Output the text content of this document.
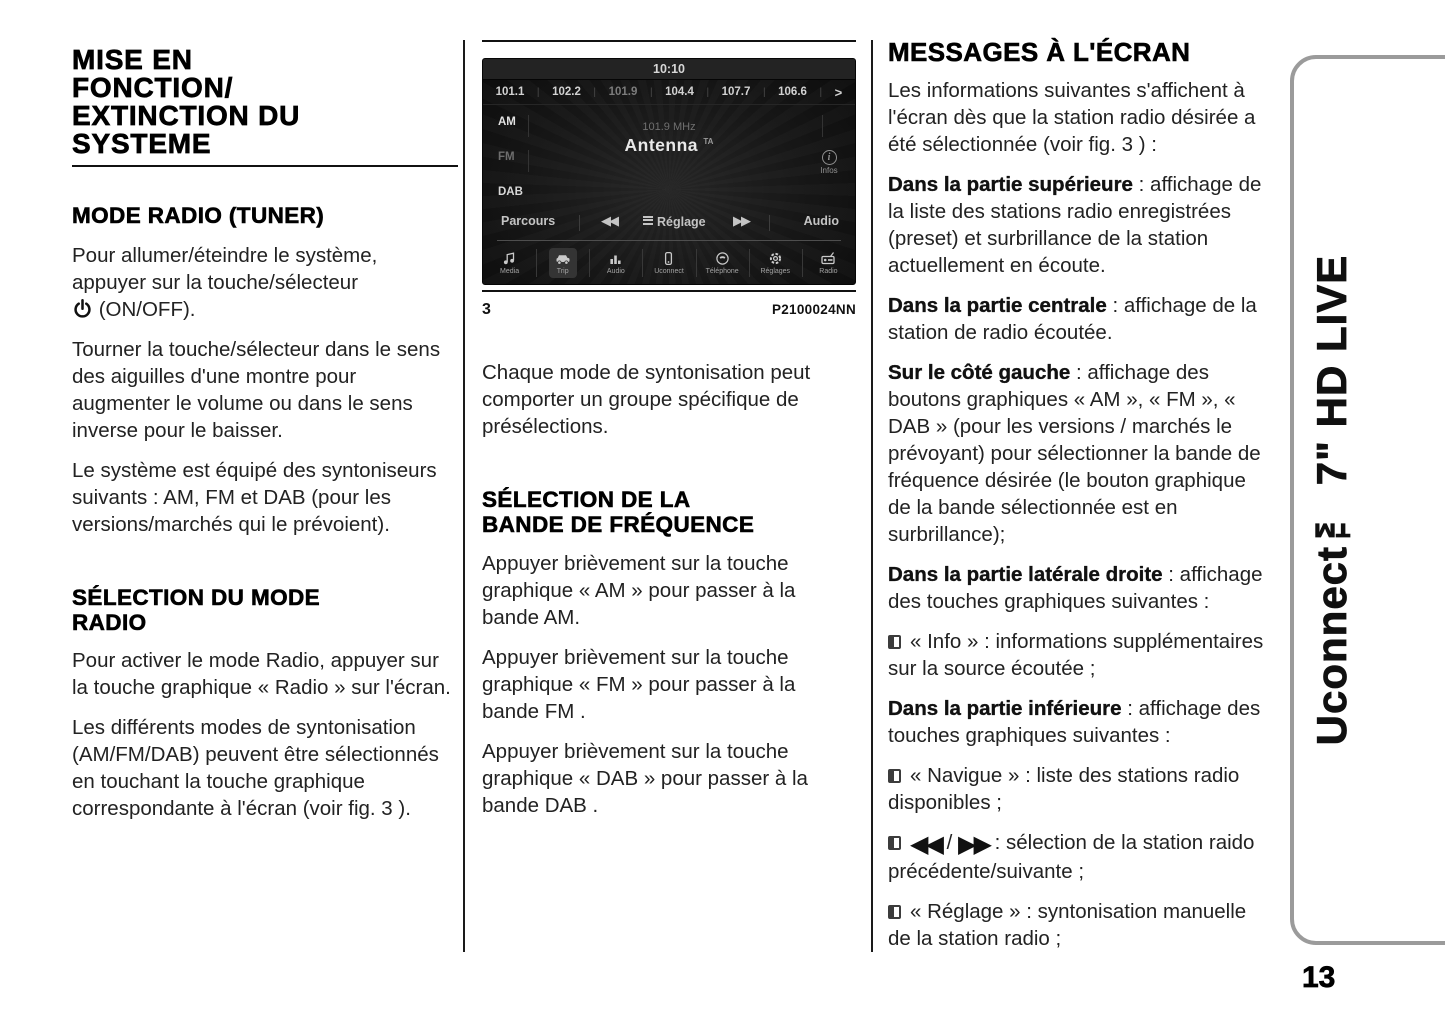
MISE EN
FONCTION/
EXTINCTION DU
SYSTEME
MODE RADIO (TUNER)

Pour allumer/éteindre le système,
appuyer sur la touche/sélecteur
(ON/OFF).

Tourner la touche/sélecteur dans le sens des aiguilles d'une montre pour augmenter le volume ou dans le sens inverse pour le baisser.

Le système est équipé des syntoniseurs suivants : AM, FM et DAB (pour les versions/marchés qui le prévoient).

SÉLECTION DU MODE
RADIO

Pour activer le mode Radio, appuyer sur la touche graphique « Radio » sur l'écran.

Les différents modes de syntonisation (AM/FM/DAB) peuvent être sélectionnés en touchant la touche graphique correspondante à l'écran (voir fig. 3 ).

10:10
101.1 | 102.2 | 101.9 | 104.4 | 107.7 | 106.6 | >
AM
FM
DAB
101.9 MHz
Antenna $^{TA}$
i
Infos
Parcours	◀◀	Réglage ▶▶	Audio
Media	Trip	Audio	Uconnect	Téléphone	Réglages	Radio
3	P2100024NN

Chaque mode de syntonisation peut comporter un groupe spécifique de présélections.

SÉLECTION DE LA
BANDE DE FRÉQUENCE

Appuyer brièvement sur la touche graphique « AM » pour passer à la bande AM.

Appuyer brièvement sur la touche graphique « FM » pour passer à la bande FM .

Appuyer brièvement sur la touche graphique « DAB » pour passer à la bande DAB .

MESSAGES À L'ÉCRAN

Les informations suivantes s'affichent à l'écran dès que la station radio désirée a été sélectionnée (voir fig. 3 ) :

Dans la partie supérieure : affichage de la liste des stations radio enregistrées (preset) et surbrillance de la station actuellement en écoute.

Dans la partie centrale : affichage de la station de radio écoutée.

Sur le côté gauche : affichage des boutons graphiques « AM », « FM », « DAB » (pour les versions / marchés le prévoyant) pour sélectionner la bande de fréquence désirée (le bouton graphique de la bande sélectionnée est en surbrillance);

Dans la partie latérale droite : affichage des touches graphiques suivantes :

« Info » : informations supplémentaires sur la source écoutée ;

Dans la partie inférieure : affichage des touches graphiques suivantes :

« Navigue » : liste des stations radio disponibles ;

◀◀ / ▶▶ : sélection de la station raido précédente/suivante ;

« Réglage » : syntonisation manuelle de la station radio ;

Uconnect™ 7" HD LIVE
13
